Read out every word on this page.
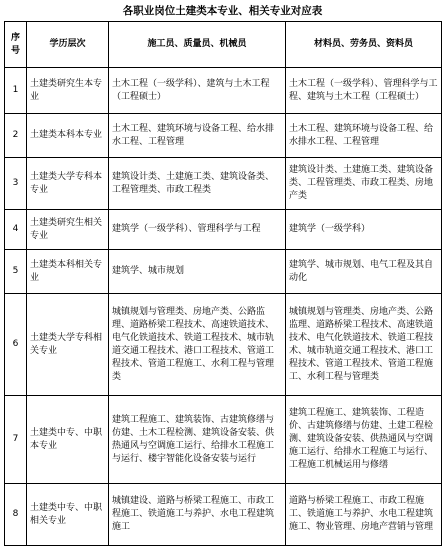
各职业岗位土建类本专业、相关专业对应表
序号	学历层次	施工员、质量员、机械员	材料员、劳务员、资料员
1	土建类研究生本专业	土木工程（一级学科）、建筑与土木工程（工程硕士）	土木工程（一级学科）、管理科学与工程、建筑与土木工程（工程硕士）
2	土建类本科本专业	土木工程、建筑环境与设备工程、给水排水工程、工程管理	土木工程、建筑环境与设备工程、给水排水工程、工程管理
3	土建类大学专科本专业	建筑设计类、土建施工类、建筑设备类、工程管理类、市政工程类	建筑设计类、土建施工类、建筑设备类、工程管理类、市政工程类、房地产类
4	土建类研究生相关专业	建筑学（一级学科）、管理科学与工程	建筑学（一级学科）
5	土建类本科相关专业	建筑学、城市规划	建筑学、城市规划、电气工程及其自动化
6	土建类大学专科相关专业	城镇规划与管理类、房地产类、公路监理、道路桥梁工程技术、高速铁道技术、电气化铁道技术、铁道工程技术、城市轨道交通工程技术、港口工程技术、管道工程技术、管道工程施工、水利工程与管理类	城镇规划与管理类、房地产类、公路监理、道路桥梁工程技术、高速铁道技术、电气化铁道技术、铁道工程技术、城市轨道交通工程技术、港口工程技术、管道工程技术、管道工程施工、水利工程与管理类
7	土建类中专、中职本专业	建筑工程施工、建筑装饰、古建筑修缮与仿建、土木工程检测、建筑设备安装、供热通风与空调施工运行、给排水工程施工与运行、楼宇智能化设备安装与运行	建筑工程施工、建筑装饰、工程造价、古建筑修缮与仿建、土建工程检测、建筑设备安装、供热通风与空调施工运行、给排水工程施工与运行、工程施工机械运用与修缮
8	土建类中专、中职相关专业	城镇建设、道路与桥梁工程施工、市政工程施工、铁道施工与养护、水电工程建筑施工	道路与桥梁工程施工、市政工程施工、铁道施工与养护、水电工程建筑施工、物业管理、房地产营销与管理
